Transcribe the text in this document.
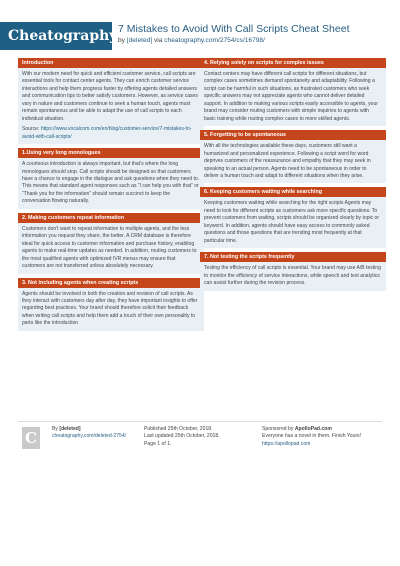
Cheatography 7 Mistakes to Avoid With Call Scripts Cheat Sheet
by [deleted] via cheatography.com/2754/cs/16798/
Introduction

With our modern need for quick and efficient customer service, call scripts are essential tools for contact center agents. They can enrich customer service interactions and help them progress faster by offering agents detailed answers and communication tips to better satisfy customers. However, as service cases vary in nature and customers continue to seek a human touch, agents must remain spontaneous and be able to adapt the use of call scripts to each individual situation.

Source: https://www.vocalcom.com/en/blog/customer-service/7-mistakes-to-avoid-with-call-scripts/

1.Using very long monologues

A courteous introduction is always important, but that's where the long monologues should stop. Call scripts should be designed so that customers have a chance to engage in the dialogue and ask questions when they need to. This means that standard agent responses such as “I can help you with that” or “Thank you for the information” should remain succinct to keep the conversation flowing naturally.

2. Making customers repeat information

Customers don't want to repeat information to multiple agents, and the less information you request they share, the better. A CRM database is therefore ideal for quick access to customer information and purchase history, enabling agents to make real-time updates as needed. In addition, routing customers to the most qualified agents with optimized IVR menus may ensure that customers are not transferred unless absolutely necessary.

3. Not including agents when creating scripts

Agents should be involved in both the creation and revision of call scripts. As they interact with customers day after day, they have important insights to offer regarding best practices. Your brand should therefore solicit their feedback when writing call scripts and help them add a touch of their own personality to parts like the introduction

4. Relying solely on scripts for complex issues

Contact centers may have different call scripts for different situations, but complex cases sometimes demand spontaneity and adaptability. Following a script can be harmful in such situations, as frustrated customers who seek specific answers may not appreciate agents who cannot deliver detailed support. In addition to making various scripts easily accessible to agents, your brand may consider routing customers with simple inquiries to agents with basic training while routing complex cases to more skilled agents.

5. Forgetting to be spontaneous

With all the technologies available these days, customers still want a humanized and personalized experience. Following a script word for word deprives customers of the reassurance and empathy that they may seek in speaking to an actual person. Agents need to be spontaneous in order to deliver a human touch and adapt to different situations when they arise.

6. Keeping customers waiting while searching

Keeping customers waiting while searching for the right scripts Agents may need to look for different scripts as customers ask more specific questions. To prevent customers from waiting, scripts should be organized clearly by topic or keyword. In addition, agents should have easy access to commonly asked questions and those questions that are trending most frequently at that particular time.

7. Not testing the scripts frequently

Testing the efficiency of call scripts is essential. Your brand may use A/B testing to monitor the efficiency of service interactions, while speech and text analytics can assist further during the revision process.

C	By [deleted]
cheatography.com/deleted-2754/
Published 25th October, 2018.
Last updated 25th October, 2018.
Page 1 of 1.
Sponsored by ApolloPad.com
Everyone has a novel in them. Finish Yours!
https://apollopad.com
